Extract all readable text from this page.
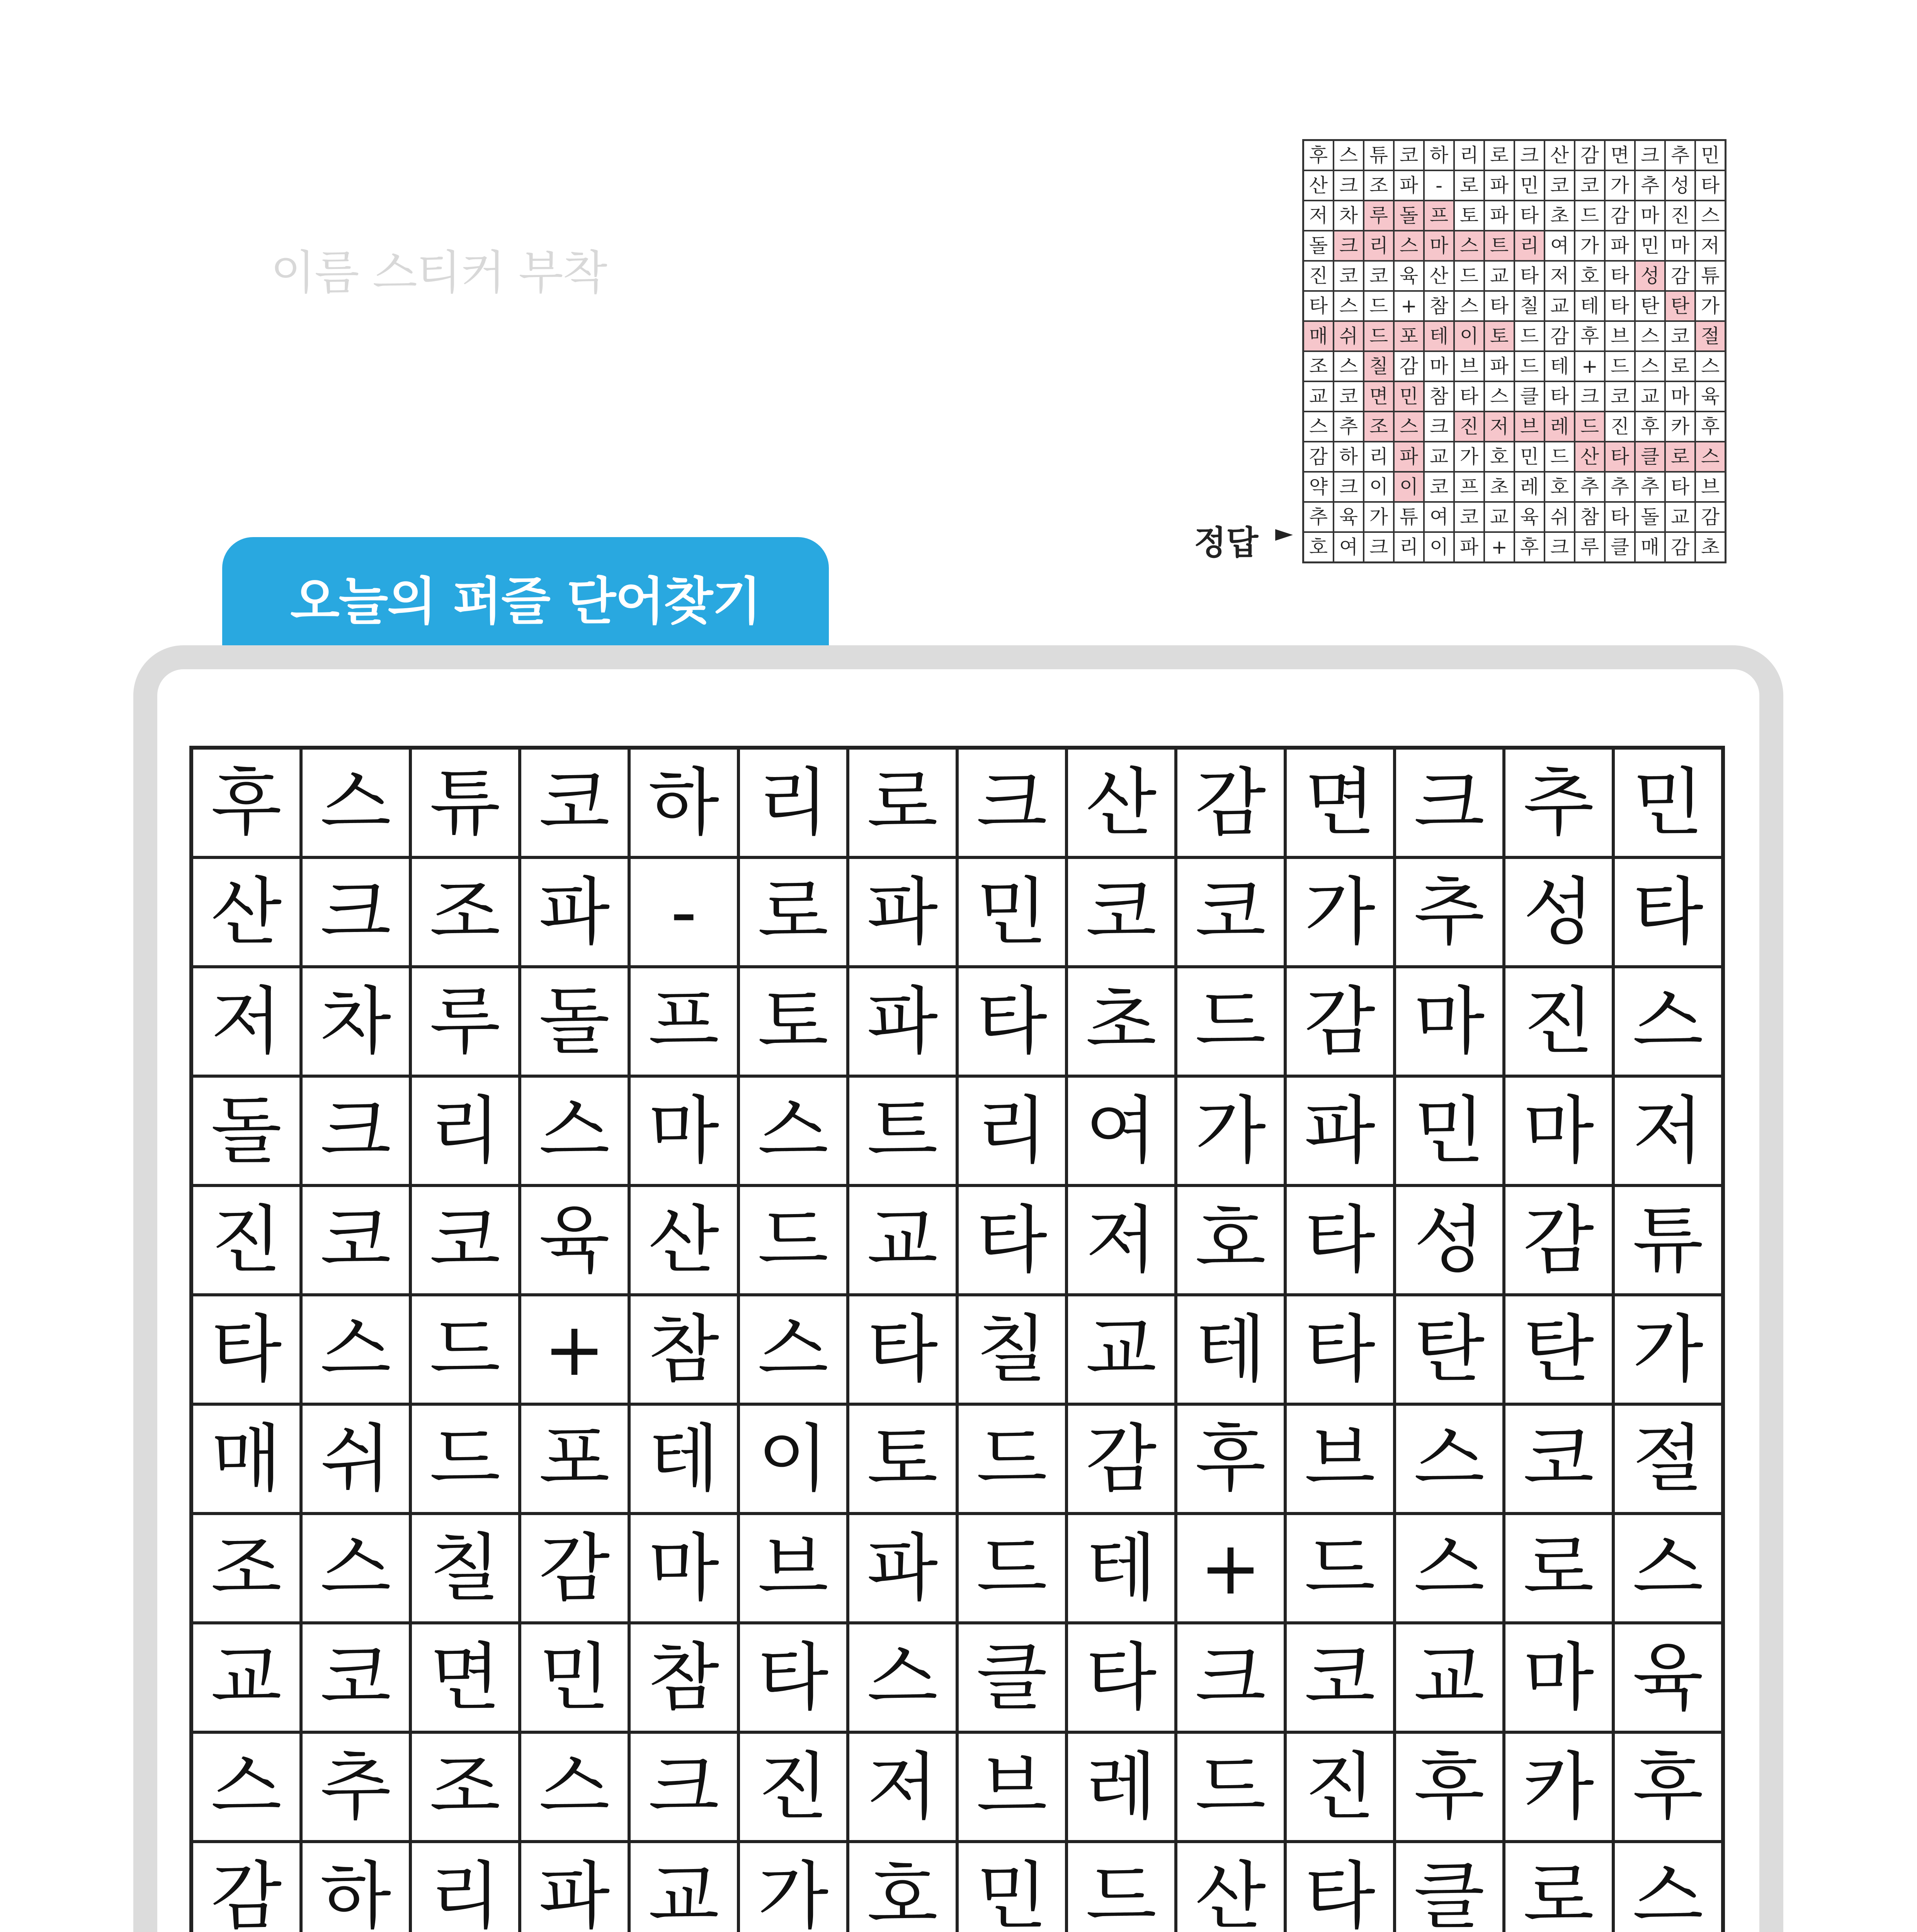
이름 스티커 부착
정답 ►
후 스 튜 코 하 리 로 크 산 감 면 크 추 민
산 크 조 파 - 로 파 민 코 코 가 추 성 타
저 차 루 돌 프 토 파 타 초 드 감 마 진 스
돌 크 리 스 마 스 트 리 여 가 파 민 마 저
진 코 코 육 산 드 교 타 저 호 타 성 감 튜
타 스 드 + 참 스 타 칠 교 테 타 탄 탄 가
매 쉬 드 포 테 이 토 드 감 후 브 스 코 절
조 스 칠 감 마 브 파 드 테 + 드 스 로 스
교 코 면 민 참 타 스 클 타 크 코 교 마 육
스 추 조 스 크 진 저 브 레 드 진 후 카 후
감 하 리 파 교 가 호 민 드 산 타 클 로 스
약 크 이 이 코 프 초 레 호 추 추 추 타 브
추 육 가 튜 여 코 교 육 쉬 참 타 돌 교 감
호 여 크 리 이 파 + 후 크 루 클 매 감 초
오늘의 퍼즐 단어찾기
후 스 튜 코 하 리 로 크 산 감 면 크 추 민
산 크 조 파 - 로 파 민 코 코 가 추 성 타
저 차 루 돌 프 토 파 타 초 드 감 마 진 스
돌 크 리 스 마 스 트 리 여 가 파 민 마 저
진 코 코 육 산 드 교 타 저 호 타 성 감 튜
타 스 드 + 참 스 타 칠 교 테 타 탄 탄 가
매 쉬 드 포 테 이 토 드 감 후 브 스 코 절
조 스 칠 감 마 브 파 드 테 + 드 스 로 스
교 코 면 민 참 타 스 클 타 크 코 교 마 육
스 추 조 스 크 진 저 브 레 드 진 후 카 후
감 하 리 파 교 가 호 민 드 산 타 클 로 스
